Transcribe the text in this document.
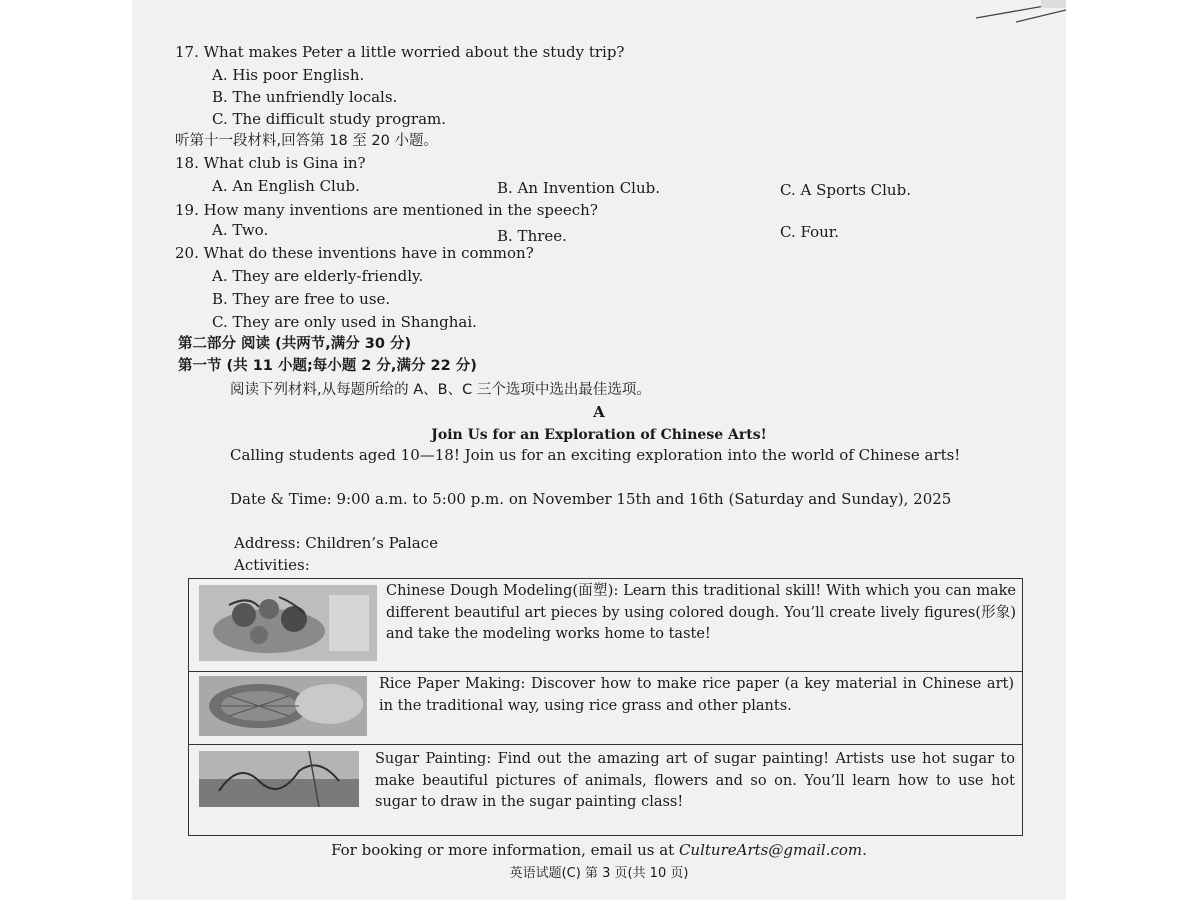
17. What makes Peter a little worried about the study trip?
A. His poor English.
B. The unfriendly locals.
C. The difficult study program.
听第十一段材料,回答第 18 至 20 小题。
18. What club is Gina in?
A. An English Club.	B. An Invention Club.	C. A Sports Club.
19. How many inventions are mentioned in the speech?
A. Two.	B. Three.	C. Four.
20. What do these inventions have in common?
A. They are elderly-friendly.
B. They are free to use.
C. They are only used in Shanghai.
第二部分 阅读 (共两节,满分 30 分)
第一节 (共 11 小题;每小题 2 分,满分 22 分)
阅读下列材料,从每题所给的 A、B、C 三个选项中选出最佳选项。
A
Join Us for an Exploration of Chinese Arts!
Calling students aged 10—18! Join us for an exciting exploration into the world of Chinese arts!
Date & Time: 9:00 a.m. to 5:00 p.m. on November 15th and 16th (Saturday and Sunday), 2025
Address: Children’s Palace
Activities:
Chinese Dough Modeling(面塑): Learn this traditional skill! With which you can make different beautiful art pieces by using colored dough. You’ll create lively figures(形象) and take the modeling works home to taste!
Rice Paper Making: Discover how to make rice paper (a key material in Chinese art) in the traditional way, using rice grass and other plants.
Sugar Painting: Find out the amazing art of sugar painting! Artists use hot sugar to make beautiful pictures of animals, flowers and so on. You’ll learn how to use hot sugar to draw in the sugar painting class!
For booking or more information, email us at CultureArts@gmail.com.
英语试题(C) 第 3 页(共 10 页)
